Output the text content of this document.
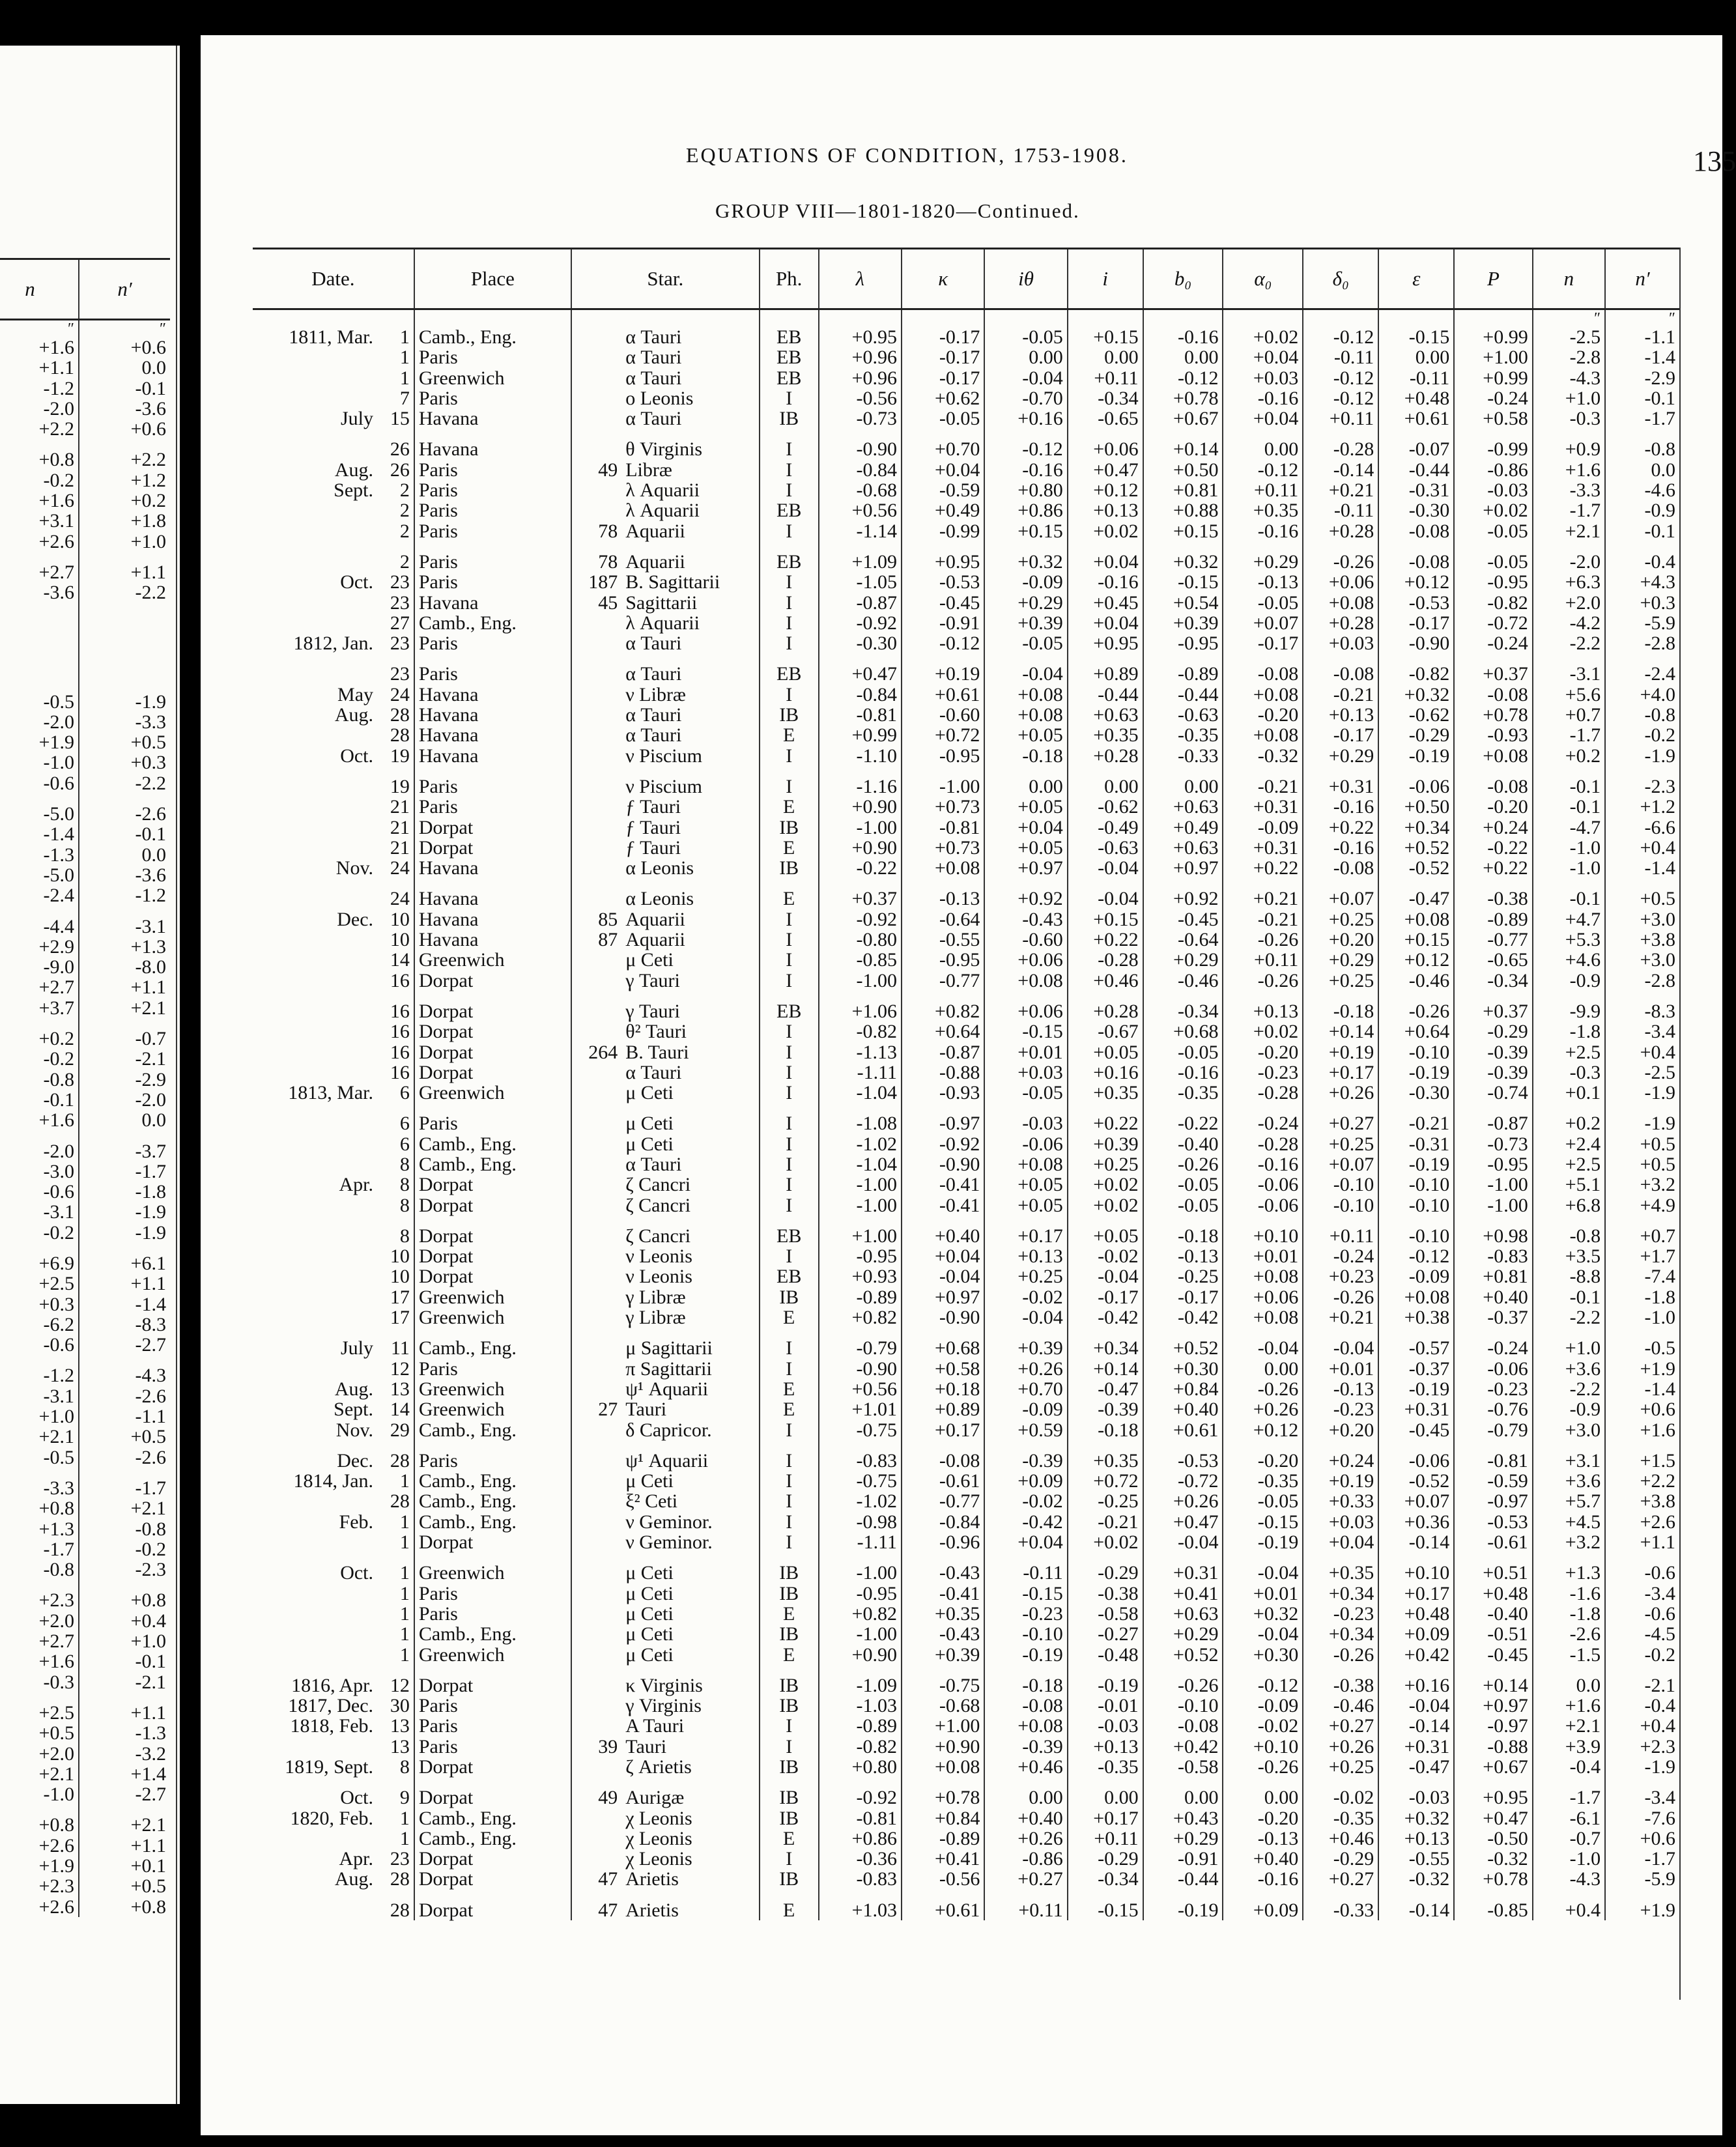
n	n′
″	″
+1.6	+0.6
+1.1	0.0
-1.2	-0.1
-2.0	-3.6
+2.2	+0.6

+0.8	+2.2
-0.2	+1.2
+1.6	+0.2
+3.1	+1.8
+2.6	+1.0

+2.7	+1.1
-3.6	-2.2

-0.5	-1.9
-2.0	-3.3
+1.9	+0.5
-1.0	+0.3
-0.6	-2.2

-5.0	-2.6
-1.4	-0.1
-1.3	0.0
-5.0	-3.6
-2.4	-1.2

-4.4	-3.1
+2.9	+1.3
-9.0	-8.0
+2.7	+1.1
+3.7	+2.1

+0.2	-0.7
-0.2	-2.1
-0.8	-2.9
-0.1	-2.0
+1.6	0.0

-2.0	-3.7
-3.0	-1.7
-0.6	-1.8
-3.1	-1.9
-0.2	-1.9

+6.9	+6.1
+2.5	+1.1
+0.3	-1.4
-6.2	-8.3
-0.6	-2.7

-1.2	-4.3
-3.1	-2.6
+1.0	-1.1
+2.1	+0.5
-0.5	-2.6

-3.3	-1.7
+0.8	+2.1
+1.3	-0.8
-1.7	-0.2
-0.8	-2.3

+2.3	+0.8
+2.0	+0.4
+2.7	+1.0
+1.6	-0.1
-0.3	-2.1

+2.5	+1.1
+0.5	-1.3
+2.0	-3.2
+2.1	+1.4
-1.0	-2.7

+0.8	+2.1
+2.6	+1.1
+1.9	+0.1
+2.3	+0.5
+2.6	+0.8
EQUATIONS OF CONDITION, 1753-1908.	135
GROUP VIII—1801-1820—Continued.
Date.		Place	Star.		Ph.	λ	κ	iθ	i	b₀	α₀	δ₀	ε	P	n	n′
															″	″
1811, Mar.	1	Camb., Eng.		α Tauri	EB	+0.95	-0.17	-0.05	+0.15	-0.16	+0.02	-0.12	-0.15	+0.99	-2.5	-1.1
	1	Paris		α Tauri	EB	+0.96	-0.17	0.00	0.00	0.00	+0.04	-0.11	0.00	+1.00	-2.8	-1.4
	1	Greenwich		α Tauri	EB	+0.96	-0.17	-0.04	+0.11	-0.12	+0.03	-0.12	-0.11	+0.99	-4.3	-2.9
	7	Paris		ο Leonis	I	-0.56	+0.62	-0.70	-0.34	+0.78	-0.16	-0.12	+0.48	-0.24	+1.0	-0.1
July	15	Havana		α Tauri	IB	-0.73	-0.05	+0.16	-0.65	+0.67	+0.04	+0.11	+0.61	+0.58	-0.3	-1.7

	26	Havana		θ Virginis	I	-0.90	+0.70	-0.12	+0.06	+0.14	0.00	-0.28	-0.07	-0.99	+0.9	-0.8
Aug.	26	Paris	49	Libræ	I	-0.84	+0.04	-0.16	+0.47	+0.50	-0.12	-0.14	-0.44	-0.86	+1.6	0.0
Sept.	2	Paris		λ Aquarii	I	-0.68	-0.59	+0.80	+0.12	+0.81	+0.11	+0.21	-0.31	-0.03	-3.3	-4.6
	2	Paris		λ Aquarii	EB	+0.56	+0.49	+0.86	+0.13	+0.88	+0.35	-0.11	-0.30	+0.02	-1.7	-0.9
	2	Paris	78	Aquarii	I	-1.14	-0.99	+0.15	+0.02	+0.15	-0.16	+0.28	-0.08	-0.05	+2.1	-0.1

	2	Paris	78	Aquarii	EB	+1.09	+0.95	+0.32	+0.04	+0.32	+0.29	-0.26	-0.08	-0.05	-2.0	-0.4
Oct.	23	Paris	187	B. Sagittarii	I	-1.05	-0.53	-0.09	-0.16	-0.15	-0.13	+0.06	+0.12	-0.95	+6.3	+4.3
	23	Havana	45	Sagittarii	I	-0.87	-0.45	+0.29	+0.45	+0.54	-0.05	+0.08	-0.53	-0.82	+2.0	+0.3
	27	Camb., Eng.		λ Aquarii	I	-0.92	-0.91	+0.39	+0.04	+0.39	+0.07	+0.28	-0.17	-0.72	-4.2	-5.9
1812, Jan.	23	Paris		α Tauri	I	-0.30	-0.12	-0.05	+0.95	-0.95	-0.17	+0.03	-0.90	-0.24	-2.2	-2.8

	23	Paris		α Tauri	EB	+0.47	+0.19	-0.04	+0.89	-0.89	-0.08	-0.08	-0.82	+0.37	-3.1	-2.4
May	24	Havana		ν Libræ	I	-0.84	+0.61	+0.08	-0.44	-0.44	+0.08	-0.21	+0.32	-0.08	+5.6	+4.0
Aug.	28	Havana		α Tauri	IB	-0.81	-0.60	+0.08	+0.63	-0.63	-0.20	+0.13	-0.62	+0.78	+0.7	-0.8
	28	Havana		α Tauri	E	+0.99	+0.72	+0.05	+0.35	-0.35	+0.08	-0.17	-0.29	-0.93	-1.7	-0.2
Oct.	19	Havana		ν Piscium	I	-1.10	-0.95	-0.18	+0.28	-0.33	-0.32	+0.29	-0.19	+0.08	+0.2	-1.9

	19	Paris		ν Piscium	I	-1.16	-1.00	0.00	0.00	0.00	-0.21	+0.31	-0.06	-0.08	-0.1	-2.3
	21	Paris		ƒ Tauri	E	+0.90	+0.73	+0.05	-0.62	+0.63	+0.31	-0.16	+0.50	-0.20	-0.1	+1.2
	21	Dorpat		ƒ Tauri	IB	-1.00	-0.81	+0.04	-0.49	+0.49	-0.09	+0.22	+0.34	+0.24	-4.7	-6.6
	21	Dorpat		ƒ Tauri	E	+0.90	+0.73	+0.05	-0.63	+0.63	+0.31	-0.16	+0.52	-0.22	-1.0	+0.4
Nov.	24	Havana		α Leonis	IB	-0.22	+0.08	+0.97	-0.04	+0.97	+0.22	-0.08	-0.52	+0.22	-1.0	-1.4

	24	Havana		α Leonis	E	+0.37	-0.13	+0.92	-0.04	+0.92	+0.21	+0.07	-0.47	-0.38	-0.1	+0.5
Dec.	10	Havana	85	Aquarii	I	-0.92	-0.64	-0.43	+0.15	-0.45	-0.21	+0.25	+0.08	-0.89	+4.7	+3.0
	10	Havana	87	Aquarii	I	-0.80	-0.55	-0.60	+0.22	-0.64	-0.26	+0.20	+0.15	-0.77	+5.3	+3.8
	14	Greenwich		μ Ceti	I	-0.85	-0.95	+0.06	-0.28	+0.29	+0.11	+0.29	+0.12	-0.65	+4.6	+3.0
	16	Dorpat		γ Tauri	I	-1.00	-0.77	+0.08	+0.46	-0.46	-0.26	+0.25	-0.46	-0.34	-0.9	-2.8

	16	Dorpat		γ Tauri	EB	+1.06	+0.82	+0.06	+0.28	-0.34	+0.13	-0.18	-0.26	+0.37	-9.9	-8.3
	16	Dorpat		θ² Tauri	I	-0.82	+0.64	-0.15	-0.67	+0.68	+0.02	+0.14	+0.64	-0.29	-1.8	-3.4
	16	Dorpat	264	B. Tauri	I	-1.13	-0.87	+0.01	+0.05	-0.05	-0.20	+0.19	-0.10	-0.39	+2.5	+0.4
	16	Dorpat		α Tauri	I	-1.11	-0.88	+0.03	+0.16	-0.16	-0.23	+0.17	-0.19	-0.39	-0.3	-2.5
1813, Mar.	6	Greenwich		μ Ceti	I	-1.04	-0.93	-0.05	+0.35	-0.35	-0.28	+0.26	-0.30	-0.74	+0.1	-1.9

	6	Paris		μ Ceti	I	-1.08	-0.97	-0.03	+0.22	-0.22	-0.24	+0.27	-0.21	-0.87	+0.2	-1.9
	6	Camb., Eng.		μ Ceti	I	-1.02	-0.92	-0.06	+0.39	-0.40	-0.28	+0.25	-0.31	-0.73	+2.4	+0.5
	8	Camb., Eng.		α Tauri	I	-1.04	-0.90	+0.08	+0.25	-0.26	-0.16	+0.07	-0.19	-0.95	+2.5	+0.5
Apr.	8	Dorpat		ζ Cancri	I	-1.00	-0.41	+0.05	+0.02	-0.05	-0.06	-0.10	-0.10	-1.00	+5.1	+3.2
	8	Dorpat		ζ Cancri	I	-1.00	-0.41	+0.05	+0.02	-0.05	-0.06	-0.10	-0.10	-1.00	+6.8	+4.9

	8	Dorpat		ζ Cancri	EB	+1.00	+0.40	+0.17	+0.05	-0.18	+0.10	+0.11	-0.10	+0.98	-0.8	+0.7
	10	Dorpat		ν Leonis	I	-0.95	+0.04	+0.13	-0.02	-0.13	+0.01	-0.24	-0.12	-0.83	+3.5	+1.7
	10	Dorpat		ν Leonis	EB	+0.93	-0.04	+0.25	-0.04	-0.25	+0.08	+0.23	-0.09	+0.81	-8.8	-7.4
	17	Greenwich		γ Libræ	IB	-0.89	+0.97	-0.02	-0.17	-0.17	+0.06	-0.26	+0.08	+0.40	-0.1	-1.8
	17	Greenwich		γ Libræ	E	+0.82	-0.90	-0.04	-0.42	-0.42	+0.08	+0.21	+0.38	-0.37	-2.2	-1.0

July	11	Camb., Eng.		μ Sagittarii	I	-0.79	+0.68	+0.39	+0.34	+0.52	-0.04	-0.04	-0.57	-0.24	+1.0	-0.5
	12	Paris		π Sagittarii	I	-0.90	+0.58	+0.26	+0.14	+0.30	0.00	+0.01	-0.37	-0.06	+3.6	+1.9
Aug.	13	Greenwich		ψ¹ Aquarii	E	+0.56	+0.18	+0.70	-0.47	+0.84	-0.26	-0.13	-0.19	-0.23	-2.2	-1.4
Sept.	14	Greenwich	27	Tauri	E	+1.01	+0.89	-0.09	-0.39	+0.40	+0.26	-0.23	+0.31	-0.76	-0.9	+0.6
Nov.	29	Camb., Eng.		δ Capricor.	I	-0.75	+0.17	+0.59	-0.18	+0.61	+0.12	+0.20	-0.45	-0.79	+3.0	+1.6

Dec.	28	Paris		ψ¹ Aquarii	I	-0.83	-0.08	-0.39	+0.35	-0.53	-0.20	+0.24	-0.06	-0.81	+3.1	+1.5
1814, Jan.	1	Camb., Eng.		μ Ceti	I	-0.75	-0.61	+0.09	+0.72	-0.72	-0.35	+0.19	-0.52	-0.59	+3.6	+2.2
	28	Camb., Eng.		ξ² Ceti	I	-1.02	-0.77	-0.02	-0.25	+0.26	-0.05	+0.33	+0.07	-0.97	+5.7	+3.8
Feb.	1	Camb., Eng.		ν Geminor.	I	-0.98	-0.84	-0.42	-0.21	+0.47	-0.15	+0.03	+0.36	-0.53	+4.5	+2.6
	1	Dorpat		ν Geminor.	I	-1.11	-0.96	+0.04	+0.02	-0.04	-0.19	+0.04	-0.14	-0.61	+3.2	+1.1

Oct.	1	Greenwich		μ Ceti	IB	-1.00	-0.43	-0.11	-0.29	+0.31	-0.04	+0.35	+0.10	+0.51	+1.3	-0.6
	1	Paris		μ Ceti	IB	-0.95	-0.41	-0.15	-0.38	+0.41	+0.01	+0.34	+0.17	+0.48	-1.6	-3.4
	1	Paris		μ Ceti	E	+0.82	+0.35	-0.23	-0.58	+0.63	+0.32	-0.23	+0.48	-0.40	-1.8	-0.6
	1	Camb., Eng.		μ Ceti	IB	-1.00	-0.43	-0.10	-0.27	+0.29	-0.04	+0.34	+0.09	-0.51	-2.6	-4.5
	1	Greenwich		μ Ceti	E	+0.90	+0.39	-0.19	-0.48	+0.52	+0.30	-0.26	+0.42	-0.45	-1.5	-0.2

1816, Apr.	12	Dorpat		κ Virginis	IB	-1.09	-0.75	-0.18	-0.19	-0.26	-0.12	-0.38	+0.16	+0.14	0.0	-2.1
1817, Dec.	30	Paris		γ Virginis	IB	-1.03	-0.68	-0.08	-0.01	-0.10	-0.09	-0.46	-0.04	+0.97	+1.6	-0.4
1818, Feb.	13	Paris		A Tauri	I	-0.89	+1.00	+0.08	-0.03	-0.08	-0.02	+0.27	-0.14	-0.97	+2.1	+0.4
	13	Paris	39	Tauri	I	-0.82	+0.90	-0.39	+0.13	+0.42	+0.10	+0.26	+0.31	-0.88	+3.9	+2.3
1819, Sept.	8	Dorpat		ζ Arietis	IB	+0.80	+0.08	+0.46	-0.35	-0.58	-0.26	+0.25	-0.47	+0.67	-0.4	-1.9

Oct.	9	Dorpat	49	Aurigæ	IB	-0.92	+0.78	0.00	0.00	0.00	0.00	-0.02	-0.03	+0.95	-1.7	-3.4
1820, Feb.	1	Camb., Eng.		χ Leonis	IB	-0.81	+0.84	+0.40	+0.17	+0.43	-0.20	-0.35	+0.32	+0.47	-6.1	-7.6
	1	Camb., Eng.		χ Leonis	E	+0.86	-0.89	+0.26	+0.11	+0.29	-0.13	+0.46	+0.13	-0.50	-0.7	+0.6
Apr.	23	Dorpat		χ Leonis	I	-0.36	+0.41	-0.86	-0.29	-0.91	+0.40	-0.29	-0.55	-0.32	-1.0	-1.7
Aug.	28	Dorpat	47	Arietis	IB	-0.83	-0.56	+0.27	-0.34	-0.44	-0.16	+0.27	-0.32	+0.78	-4.3	-5.9

	28	Dorpat	47	Arietis	E	+1.03	+0.61	+0.11	-0.15	-0.19	+0.09	-0.33	-0.14	-0.85	+0.4	+1.9
